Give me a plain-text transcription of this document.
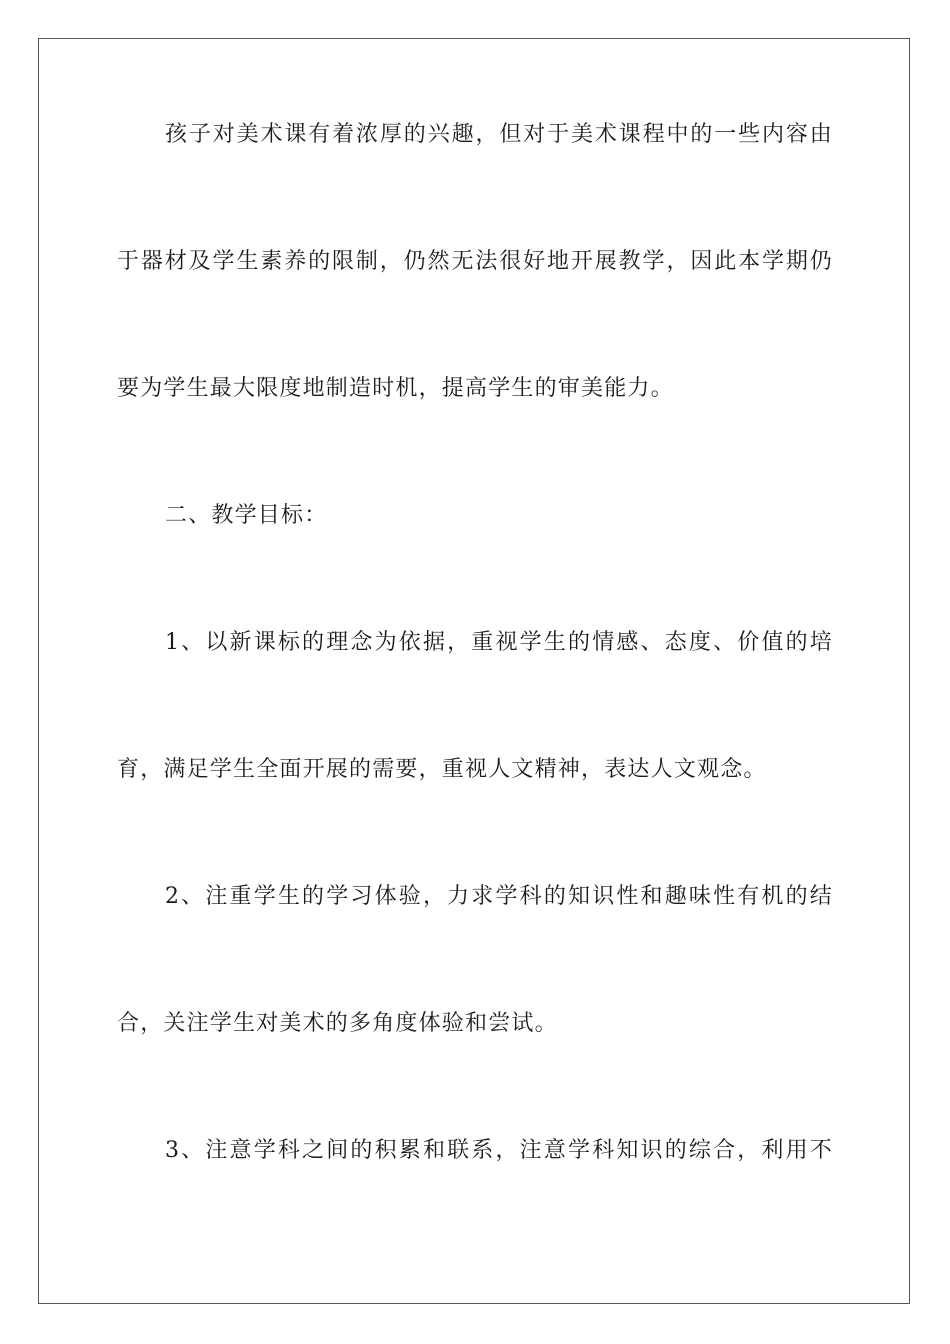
孩子对美术课有着浓厚的兴趣，但对于美术课程中的一些内容由
于器材及学生素养的限制，仍然无法很好地开展教学，因此本学期仍
要为学生最大限度地制造时机，提高学生的审美能力。
二、教学目标：
1、以新课标的理念为依据，重视学生的情感、态度、价值的培
育，满足学生全面开展的需要，重视人文精神，表达人文观念。
2、注重学生的学习体验，力求学科的知识性和趣味性有机的结
合，关注学生对美术的多角度体验和尝试。
3、注意学科之间的积累和联系，注意学科知识的综合，利用不
